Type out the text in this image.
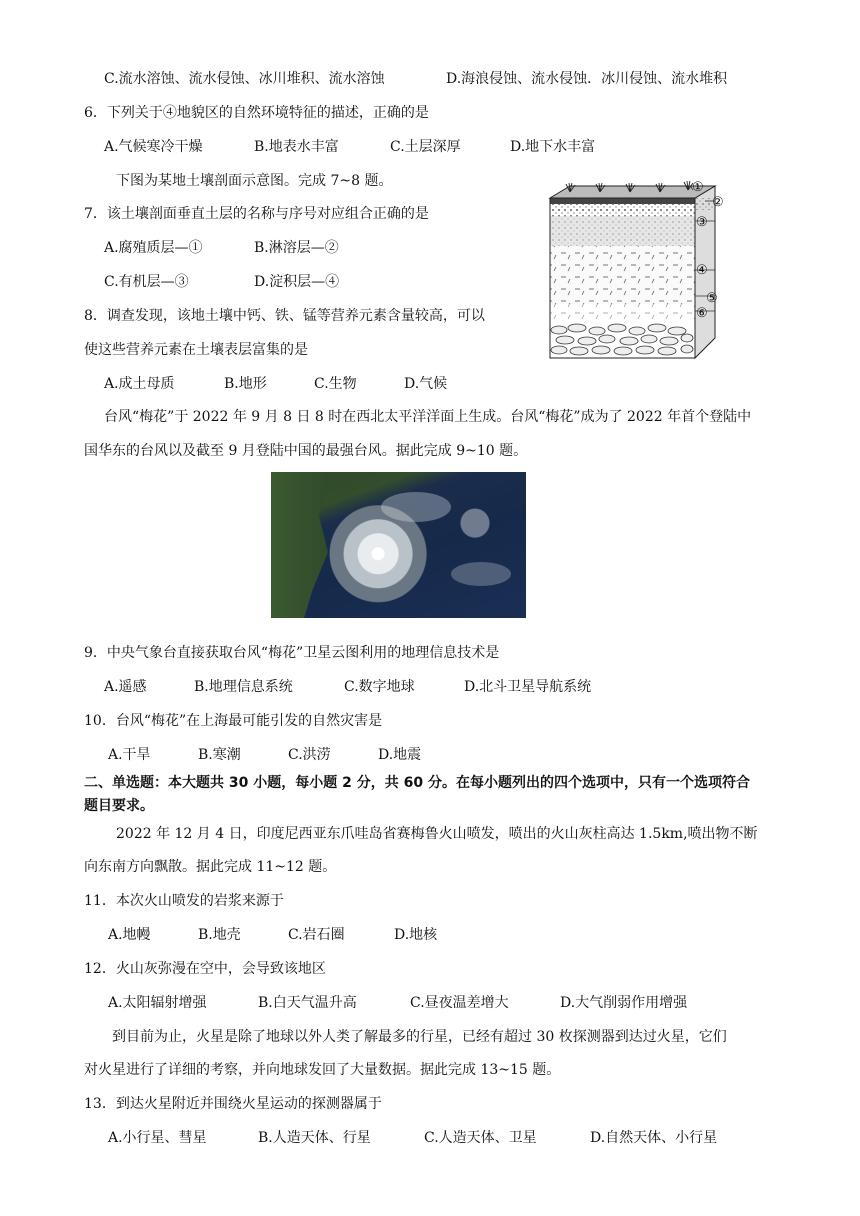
C.流水溶蚀、流水侵蚀、冰川堆积、流水溶蚀	D.海浪侵蚀、流水侵蚀．冰川侵蚀、流水堆积
6．下列关于④地貌区的自然环境特征的描述，正确的是
A.气候寒冷干燥	B.地表水丰富	C.土层深厚	D.地下水丰富
下图为某地土壤剖面示意图。完成 7~8 题。
7．该土壤剖面垂直土层的名称与序号对应组合正确的是
A.腐殖质层—①	B.淋溶层—②
C.有机层—③	D.淀积层—④
8．调查发现，该地土壤中钙、铁、锰等营养元素含量较高，可以
使这些营养元素在土壤表层富集的是
A.成土母质	B.地形	C.生物	D.气候
①
②
③
④
⑤
⑥
台风“梅花”于 2022 年 9 月 8 日 8 时在西北太平洋洋面上生成。台风“梅花”成为了 2022 年首个登陆中
国华东的台风以及截至 9 月登陆中国的最强台风。据此完成 9~10 题。
9．中央气象台直接获取台风“梅花”卫星云图利用的地理信息技术是
A.遥感	B.地理信息系统	C.数字地球	D.北斗卫星导航系统
10．台风“梅花”在上海最可能引发的自然灾害是
A.干旱	B.寒潮	C.洪涝	D.地震
二、单选题：本大题共 30 小题，每小题 2 分，共 60 分。在每小题列出的四个选项中，只有一个选项符合
题目要求。
2022 年 12 月 4 日，印度尼西亚东爪哇岛省赛梅鲁火山喷发，喷出的火山灰柱高达 1.5km,喷出物不断
向东南方向飘散。据此完成 11~12 题。
11．本次火山喷发的岩浆来源于
A.地幔	B.地壳	C.岩石圈	D.地核
12．火山灰弥漫在空中，会导致该地区
A.太阳辐射增强	B.白天气温升高	C.昼夜温差增大	D.大气削弱作用增强
到目前为止，火星是除了地球以外人类了解最多的行星，已经有超过 30 枚探测器到达过火星，它们
对火星进行了详细的考察，并向地球发回了大量数据。据此完成 13~15 题。
13．到达火星附近并围绕火星运动的探测器属于
A.小行星、彗星	B.人造天体、行星	C.人造天体、卫星	D.自然天体、小行星
